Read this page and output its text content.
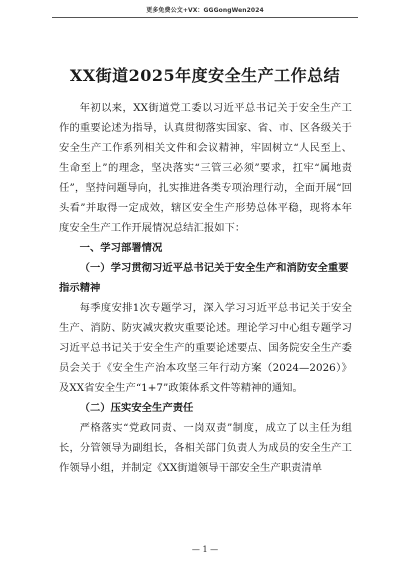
更多免费公文+VX：GGGongWen2024
XX街道2025年度安全生产工作总结

年初以来，XX街道党工委以习近平总书记关于安全生产工作的重要论述为指导，认真贯彻落实国家、省、市、区各级关于安全生产工作系列相关文件和会议精神，牢固树立“人民至上、生命至上”的理念，坚决落实“三管三必须”要求，扛牢“属地责任”，坚持问题导向，扎实推进各类专项治理行动，全面开展“回头看”并取得一定成效，辖区安全生产形势总体平稳，现将本年度安全生产工作开展情况总结汇报如下：

一、学习部署情况

（一）学习贯彻习近平总书记关于安全生产和消防安全重要指示精神

每季度安排1次专题学习，深入学习习近平总书记关于安全生产、消防、防灾减灾救灾重要论述。理论学习中心组专题学习习近平总书记关于安全生产的重要论述要点、国务院安全生产委员会关于《安全生产治本攻坚三年行动方案（2024—2026）》及XX省安全生产“1+7”政策体系文件等精神的通知。

（二）压实安全生产责任

严格落实“党政同责、一岗双责”制度，成立了以主任为组长，分管领导为副组长，各相关部门负责人为成员的安全生产工作领导小组，并制定《XX街道领导干部安全生产职责清单

— 1 —
